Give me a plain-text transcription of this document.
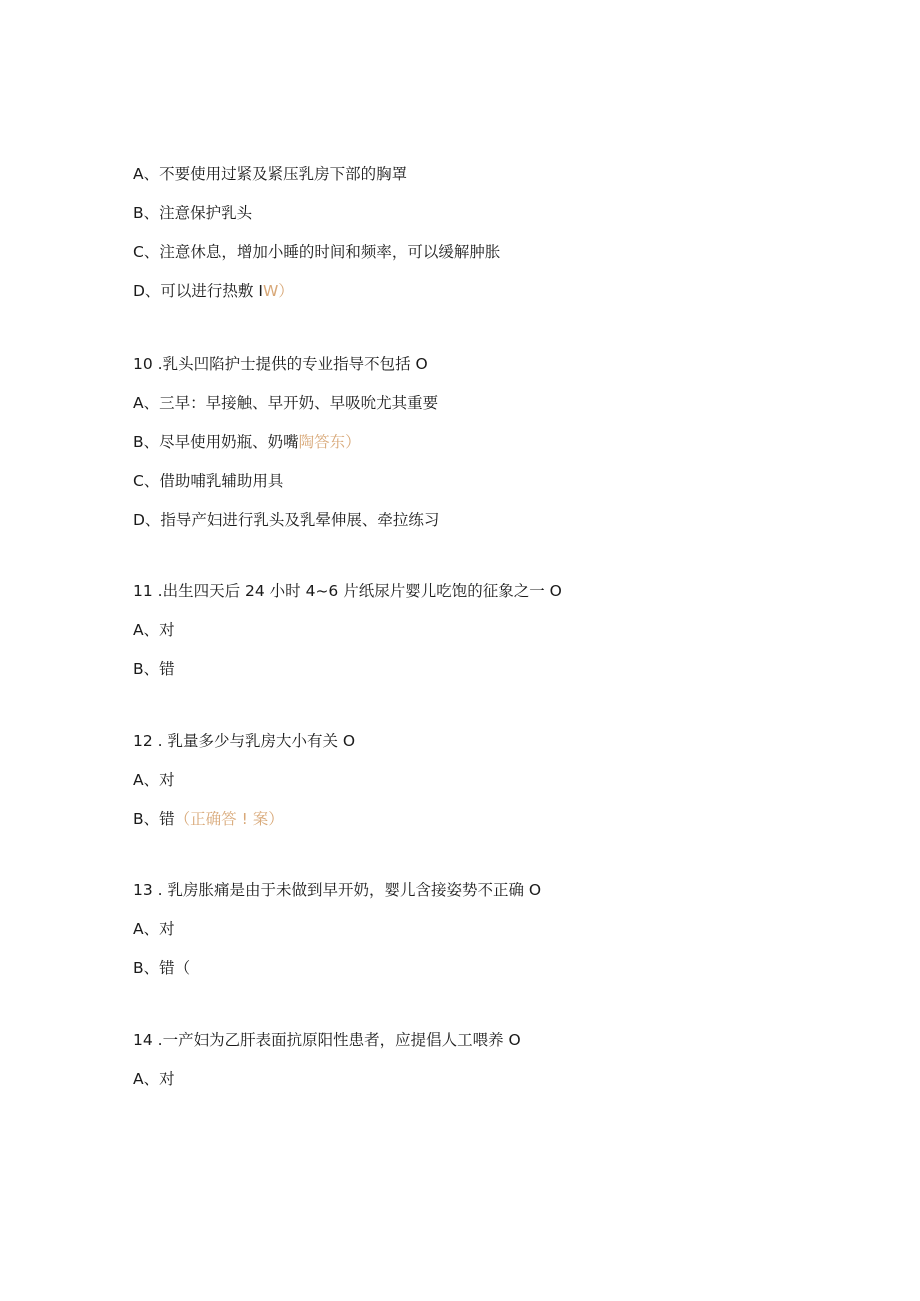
A、不要使用过紧及紧压乳房下部的胸罩
B、注意保护乳头
C、注意休息，增加小睡的时间和频率，可以缓解肿胀
D、可以进行热敷 IW）
10 .乳头凹陷护士提供的专业指导不包括 O
A、三早：早接触、早开奶、早吸吮尤其重要
B、尽早使用奶瓶、奶嘴陶答东）
C、借助哺乳辅助用具
D、指导产妇进行乳头及乳晕伸展、牵拉练习
11 .出生四天后 24 小时 4~6 片纸尿片婴儿吃饱的征象之一 O
A、对
B、错
12 . 乳量多少与乳房大小有关 O
A、对
B、错（正确答 ! 案）
13 . 乳房胀痛是由于未做到早开奶，婴儿含接姿势不正确 O
A、对
B、错（
14 .一产妇为乙肝表面抗原阳性患者，应提倡人工喂养 O
A、对
